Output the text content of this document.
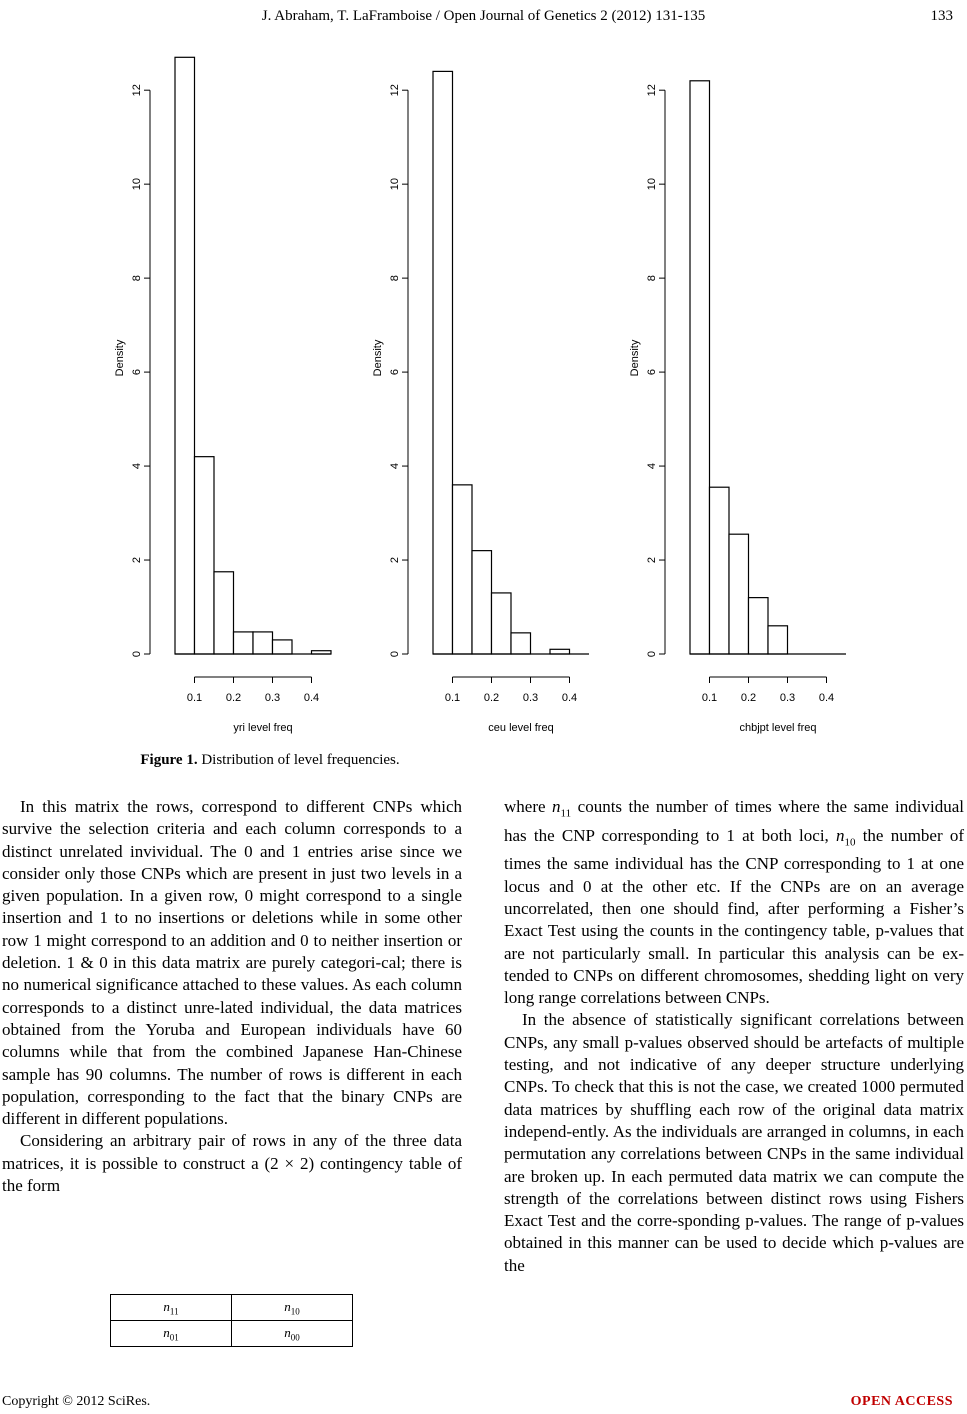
J. Abraham, T. LaFramboise / Open Journal of Genetics 2 (2012) 131-135	133
0
2
4
6
8
10
12
Density
0.1 0.2 0.3 0.4
yri level freq
0
2
4
6
8
10
12
Density
0.1 0.2 0.3 0.4
ceu level freq
0
2
4
6
8
10
12
Density
0.1 0.2 0.3 0.4
chbjpt level freq
Figure 1. Distribution of level frequencies.

In this matrix the rows, correspond to different CNPs which survive the selection criteria and each column corresponds to a distinct unrelated invividual. The 0 and 1 entries arise since we consider only those CNPs which are present in just two levels in a given population. In a given row, 0 might correspond to a single insertion and 1 to no insertions or deletions while in some other row 1 might correspond to an addition and 0 to neither insertion or deletion. 1 & 0 in this data matrix are purely categori-cal; there is no numerical significance attached to these values. As each column corresponds to a distinct unre-lated individual, the data matrices obtained from the Yoruba and European individuals have 60 columns while that from the combined Japanese Han-Chinese sample has 90 columns. The number of rows is different in each population, corresponding to the fact that the binary CNPs are different in different populations.

Considering an arbitrary pair of rows in any of the three data matrices, it is possible to construct a (2 × 2) contingency table of the form

$n_{11}$	$n_{10}$
$n_{01}$	$n_{00}$

where $n_{11}$ counts the number of times where the same individual has the CNP corresponding to 1 at both loci, $n_{10}$ the number of times the same individual has the CNP corresponding to 1 at one locus and 0 at the other etc. If the CNPs are on an average uncorrelated, then one should find, after performing a Fisher’s Exact Test using the counts in the contingency table, p-values that are not particularly small. In particular this analysis can be ex-tended to CNPs on different chromosomes, shedding light on very long range correlations between CNPs.

In the absence of statistically significant correlations between CNPs, any small p-values observed should be artefacts of multiple testing, and not indicative of any deeper structure underlying CNPs. To check that this is not the case, we created 1000 permuted data matrices by shuffling each row of the original data matrix independ-ently. As the individuals are arranged in columns, in each permutation any correlations between CNPs in the same individual are broken up. In each permuted data matrix we can compute the strength of the correlations between distinct rows using Fishers Exact Test and the corre-sponding p-values. The range of p-values obtained in this manner can be used to decide which p-values are the

Copyright © 2012 SciRes.	OPEN ACCESS
